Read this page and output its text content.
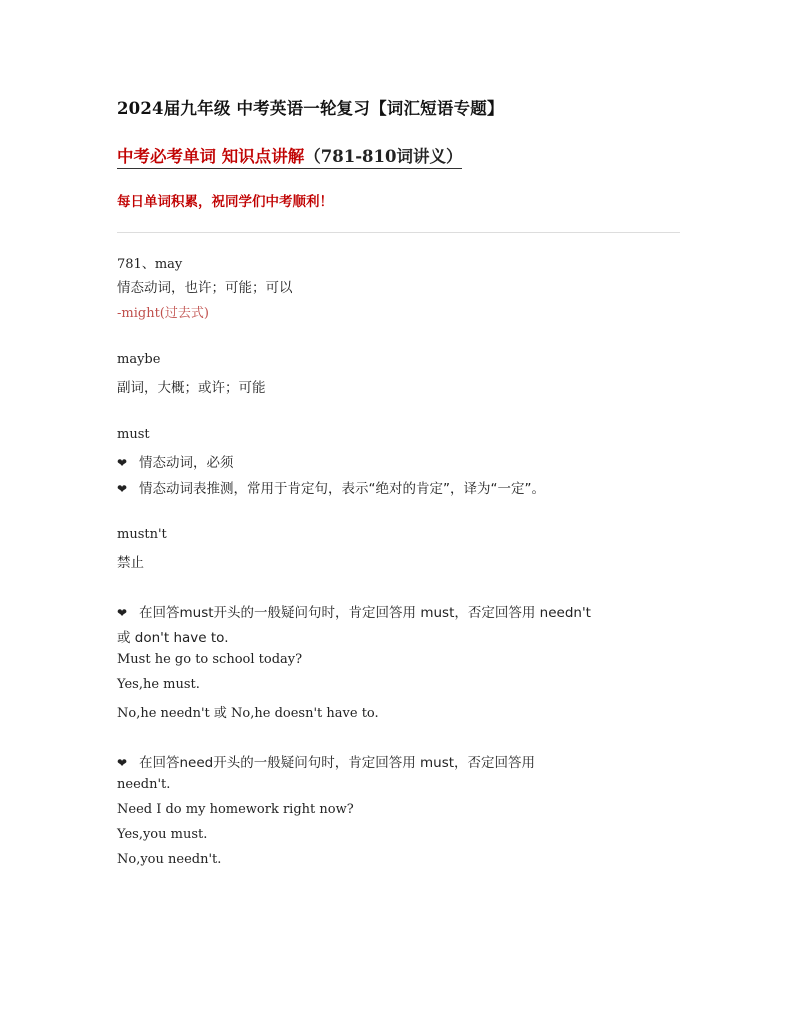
2024届九年级 中考英语一轮复习【词汇短语专题】
中考必考单词 知识点讲解（781-810词讲义）
每日单词积累，祝同学们中考顺利！
781、may
情态动词，也许；可能；可以
-might(过去式)
maybe
副词，大概；或许；可能
must
❤ 情态动词，必须
❤ 情态动词表推测，常用于肯定句，表示“绝对的肯定”，译为“一定”。
mustn't
禁止
❤ 在回答must开头的一般疑问句时，肯定回答用 must，否定回答用 needn't
或 don't have to.
Must he go to school today?
Yes,he must.
No,he needn't 或 No,he doesn't have to.
❤ 在回答need开头的一般疑问句时，肯定回答用 must，否定回答用
needn't.
Need I do my homework right now?
Yes,you must.
No,you needn't.
